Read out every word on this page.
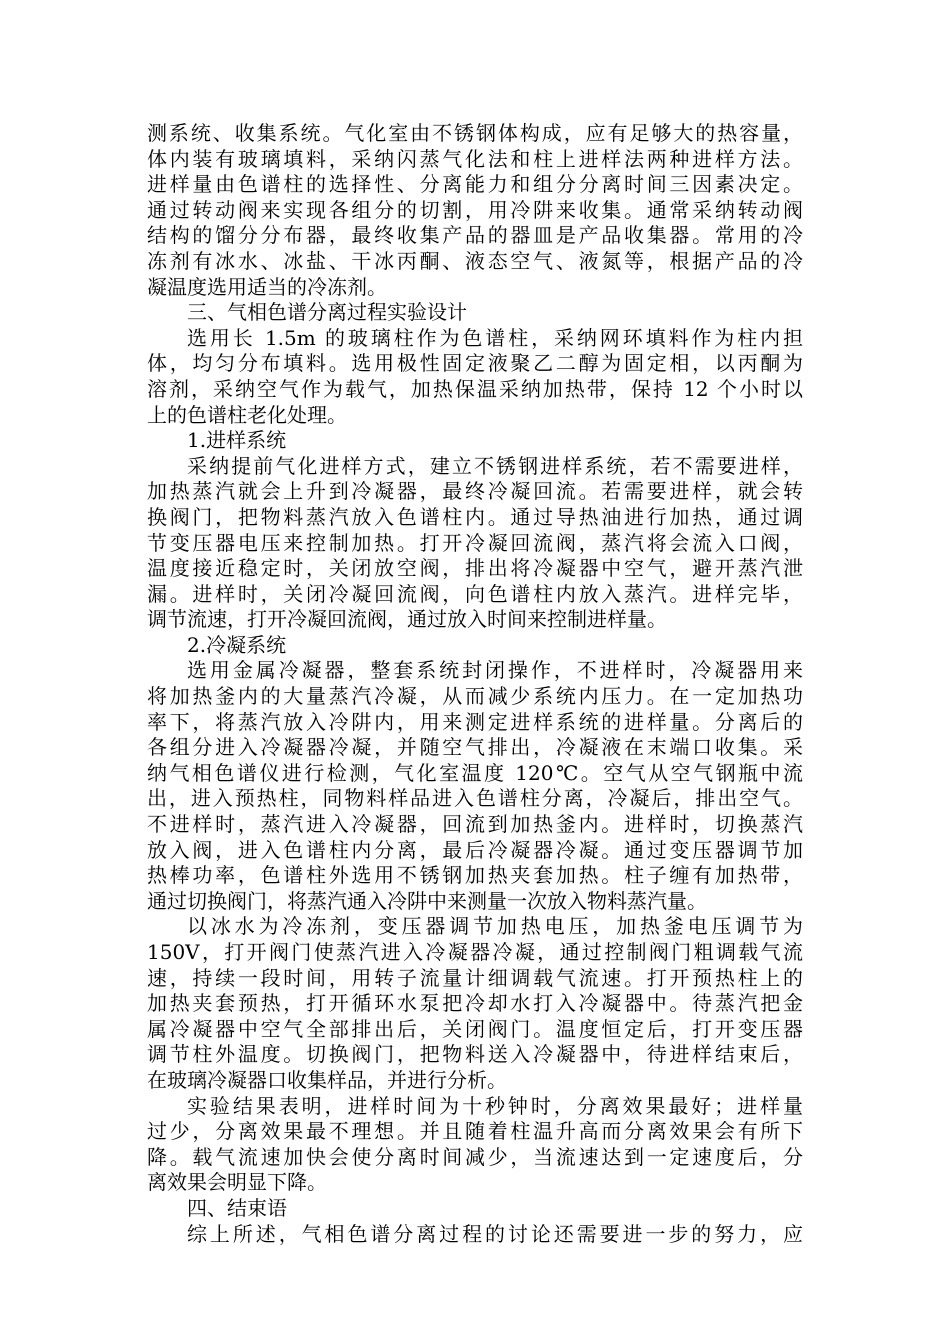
测系统、收集系统。气化室由不锈钢体构成，应有足够大的热容量，
体内装有玻璃填料，采纳闪蒸气化法和柱上进样法两种进样方法。
进样量由色谱柱的选择性、分离能力和组分分离时间三因素决定。
通过转动阀来实现各组分的切割，用冷阱来收集。通常采纳转动阀
结构的馏分分布器，最终收集产品的器皿是产品收集器。常用的冷
冻剂有冰水、冰盐、干冰丙酮、液态空气、液氮等，根据产品的冷
凝温度选用适当的冷冻剂。
三、气相色谱分离过程实验设计
选用长 1.5m 的玻璃柱作为色谱柱，采纳网环填料作为柱内担
体，均匀分布填料。选用极性固定液聚乙二醇为固定相，以丙酮为
溶剂，采纳空气作为载气，加热保温采纳加热带，保持 12 个小时以
上的色谱柱老化处理。
1.进样系统
采纳提前气化进样方式，建立不锈钢进样系统，若不需要进样，
加热蒸汽就会上升到冷凝器，最终冷凝回流。若需要进样，就会转
换阀门，把物料蒸汽放入色谱柱内。通过导热油进行加热，通过调
节变压器电压来控制加热。打开冷凝回流阀，蒸汽将会流入口阀，
温度接近稳定时，关闭放空阀，排出将冷凝器中空气，避开蒸汽泄
漏。进样时，关闭冷凝回流阀，向色谱柱内放入蒸汽。进样完毕，
调节流速，打开冷凝回流阀，通过放入时间来控制进样量。
2.冷凝系统
选用金属冷凝器，整套系统封闭操作，不进样时，冷凝器用来
将加热釜内的大量蒸汽冷凝，从而减少系统内压力。在一定加热功
率下，将蒸汽放入冷阱内，用来测定进样系统的进样量。分离后的
各组分进入冷凝器冷凝，并随空气排出，冷凝液在末端口收集。采
纳气相色谱仪进行检测，气化室温度 120℃。空气从空气钢瓶中流
出，进入预热柱，同物料样品进入色谱柱分离，冷凝后，排出空气。
不进样时，蒸汽进入冷凝器，回流到加热釜内。进样时，切换蒸汽
放入阀，进入色谱柱内分离，最后冷凝器冷凝。通过变压器调节加
热棒功率，色谱柱外选用不锈钢加热夹套加热。柱子缠有加热带，
通过切换阀门，将蒸汽通入冷阱中来测量一次放入物料蒸汽量。
以冰水为冷冻剂，变压器调节加热电压，加热釜电压调节为
150V，打开阀门使蒸汽进入冷凝器冷凝，通过控制阀门粗调载气流
速，持续一段时间，用转子流量计细调载气流速。打开预热柱上的
加热夹套预热，打开循环水泵把冷却水打入冷凝器中。待蒸汽把金
属冷凝器中空气全部排出后，关闭阀门。温度恒定后，打开变压器
调节柱外温度。切换阀门，把物料送入冷凝器中，待进样结束后，
在玻璃冷凝器口收集样品，并进行分析。
实验结果表明，进样时间为十秒钟时，分离效果最好；进样量
过少，分离效果最不理想。并且随着柱温升高而分离效果会有所下
降。载气流速加快会使分离时间减少，当流速达到一定速度后，分
离效果会明显下降。
四、结束语
综上所述，气相色谱分离过程的讨论还需要进一步的努力，应
